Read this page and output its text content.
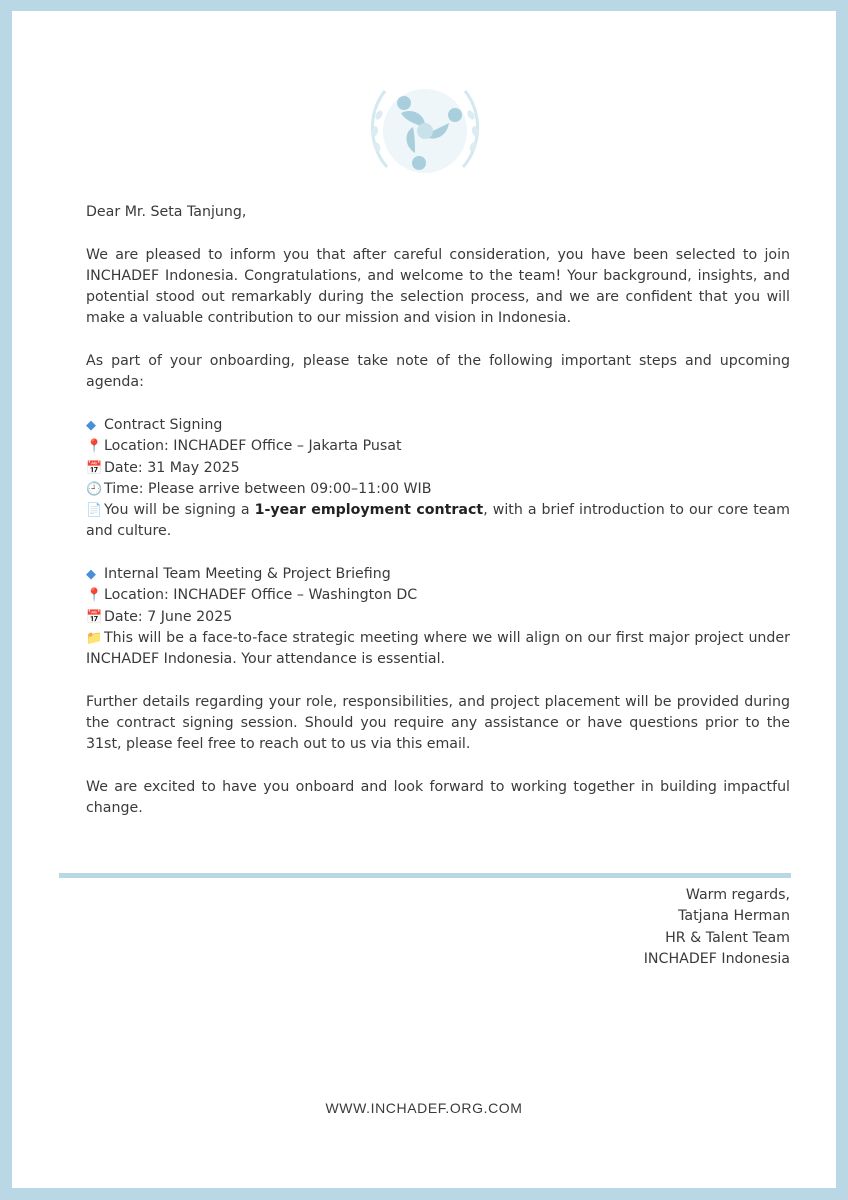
Dear Mr. Seta Tanjung,

We are pleased to inform you that after careful consideration, you have been selected to join INCHADEF Indonesia. Congratulations, and welcome to the team! Your background, insights, and potential stood out remarkably during the selection process, and we are confident that you will make a valuable contribution to our mission and vision in Indonesia.

As part of your onboarding, please take note of the following important steps and upcoming agenda:

◆ Contract Signing

📍 Location: INCHADEF Office – Jakarta Pusat

📅 Date: 31 May 2025

🕘 Time: Please arrive between 09:00–11:00 WIB

📄 You will be signing a 1-year employment contract, with a brief introduction to our core team and culture.

◆ Internal Team Meeting & Project Briefing

📍 Location: INCHADEF Office – Washington DC

📅 Date: 7 June 2025

📁 This will be a face-to-face strategic meeting where we will align on our first major project under INCHADEF Indonesia. Your attendance is essential.

Further details regarding your role, responsibilities, and project placement will be provided during the contract signing session. Should you require any assistance or have questions prior to the 31st, please feel free to reach out to us via this email.

We are excited to have you onboard and look forward to working together in building impactful change.

Warm regards,
Tatjana Herman
HR & Talent Team
INCHADEF Indonesia
WWW.INCHADEF.ORG.COM
